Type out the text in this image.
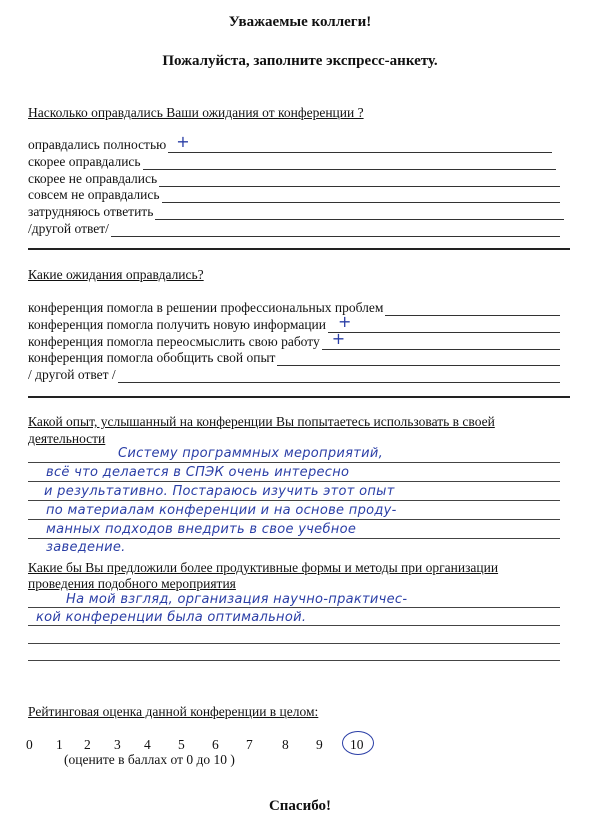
Уважаемые коллеги!
Пожалуйста, заполните экспресс-анкету.
Насколько оправдались Ваши ожидания от конференции ?
оправдались полностью +
скорее оправдались
скорее не оправдались
совсем не оправдались
затрудняюсь ответить
/другой ответ/
Какие ожидания оправдались?
конференция помогла в решении профессиональных проблем
конференция помогла получить новую информации +
конференция помогла переосмыслить свою работу +
конференция помогла обобщить свой опыт
/ другой ответ /
Какой опыт, услышанный на конференции Вы попытаетесь использовать в своей
деятельности
Систему программных мероприятий,
всё что делается в СПЭК очень интересно
и результативно. Постараюсь изучить этот опыт
по материалам конференции и на основе проду-
манных подходов внедрить в свое учебное
заведение.
Какие бы Вы предложили более продуктивные формы и методы при организации
проведения подобного мероприятия
На мой взгляд, организация научно-практичес-
кой конференции была оптимальной.
Рейтинговая оценка данной конференции в целом:
0 1 2 3 4 5 6 7 8 9 10
(оцените в баллах от 0 до 10 )
Спасибо!
